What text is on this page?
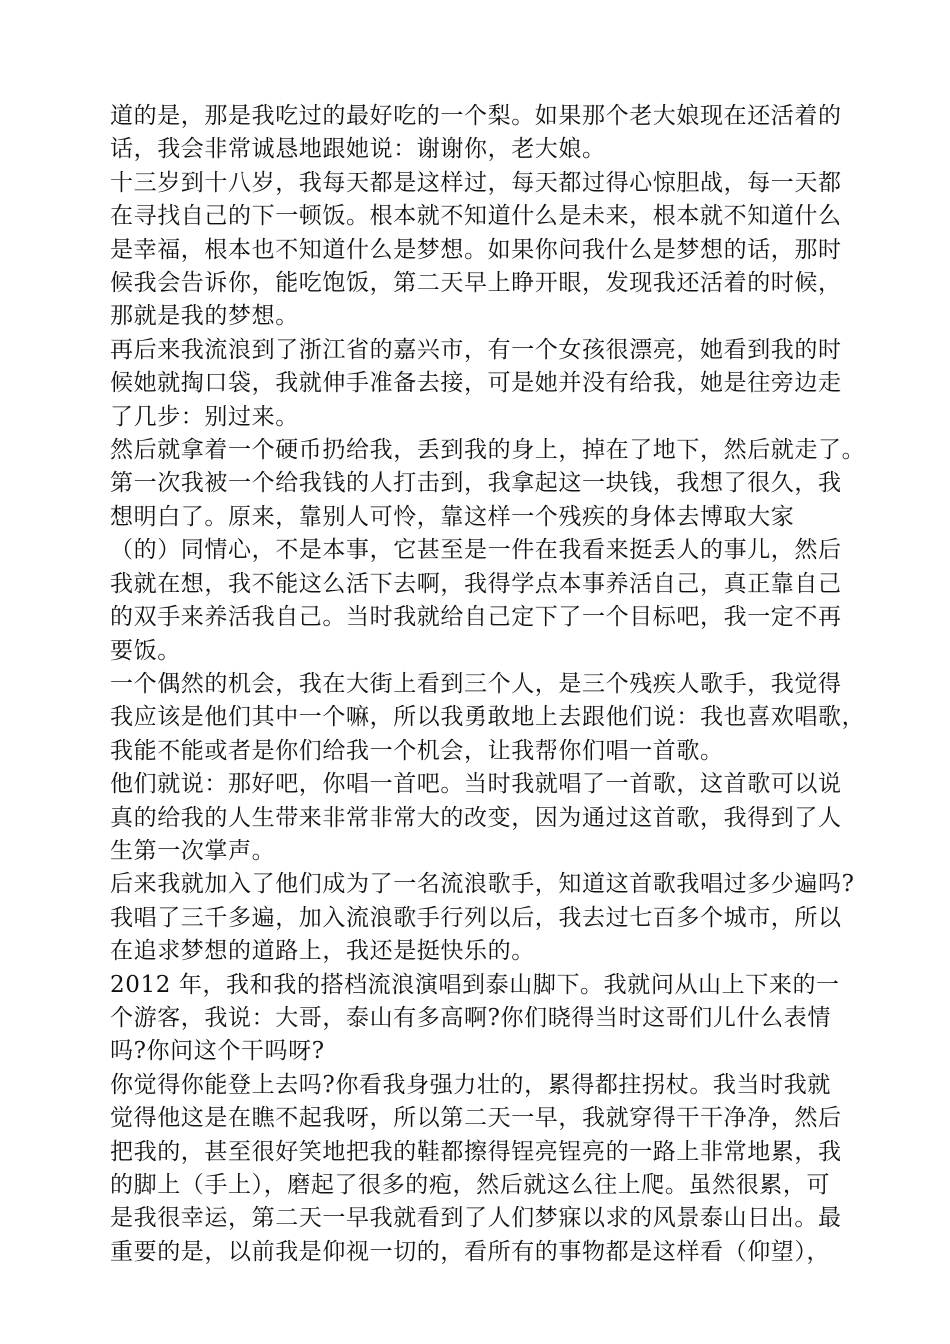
道的是，那是我吃过的最好吃的一个梨。如果那个老大娘现在还活着的
话，我会非常诚恳地跟她说：谢谢你，老大娘。
十三岁到十八岁，我每天都是这样过，每天都过得心惊胆战，每一天都
在寻找自己的下一顿饭。根本就不知道什么是未来，根本就不知道什么
是幸福，根本也不知道什么是梦想。如果你问我什么是梦想的话，那时
候我会告诉你，能吃饱饭，第二天早上睁开眼，发现我还活着的时候，
那就是我的梦想。
再后来我流浪到了浙江省的嘉兴市，有一个女孩很漂亮，她看到我的时
候她就掏口袋，我就伸手准备去接，可是她并没有给我，她是往旁边走
了几步：别过来。
然后就拿着一个硬币扔给我，丢到我的身上，掉在了地下，然后就走了。
第一次我被一个给我钱的人打击到，我拿起这一块钱，我想了很久，我
想明白了。原来，靠别人可怜，靠这样一个残疾的身体去博取大家
（的）同情心，不是本事，它甚至是一件在我看来挺丢人的事儿，然后
我就在想，我不能这么活下去啊，我得学点本事养活自己，真正靠自己
的双手来养活我自己。当时我就给自己定下了一个目标吧，我一定不再
要饭。
一个偶然的机会，我在大街上看到三个人，是三个残疾人歌手，我觉得
我应该是他们其中一个嘛，所以我勇敢地上去跟他们说：我也喜欢唱歌，
我能不能或者是你们给我一个机会，让我帮你们唱一首歌。
他们就说：那好吧，你唱一首吧。当时我就唱了一首歌，这首歌可以说
真的给我的人生带来非常非常大的改变，因为通过这首歌，我得到了人
生第一次掌声。
后来我就加入了他们成为了一名流浪歌手，知道这首歌我唱过多少遍吗?
我唱了三千多遍，加入流浪歌手行列以后，我去过七百多个城市，所以
在追求梦想的道路上，我还是挺快乐的。
2012 年，我和我的搭档流浪演唱到泰山脚下。我就问从山上下来的一
个游客，我说：大哥，泰山有多高啊?你们晓得当时这哥们儿什么表情
吗?你问这个干吗呀?
你觉得你能登上去吗?你看我身强力壮的，累得都拄拐杖。我当时我就
觉得他这是在瞧不起我呀，所以第二天一早，我就穿得干干净净，然后
把我的，甚至很好笑地把我的鞋都擦得锃亮锃亮的一路上非常地累，我
的脚上（手上），磨起了很多的疱，然后就这么往上爬。虽然很累，可
是我很幸运，第二天一早我就看到了人们梦寐以求的风景泰山日出。最
重要的是，以前我是仰视一切的，看所有的事物都是这样看（仰望），
